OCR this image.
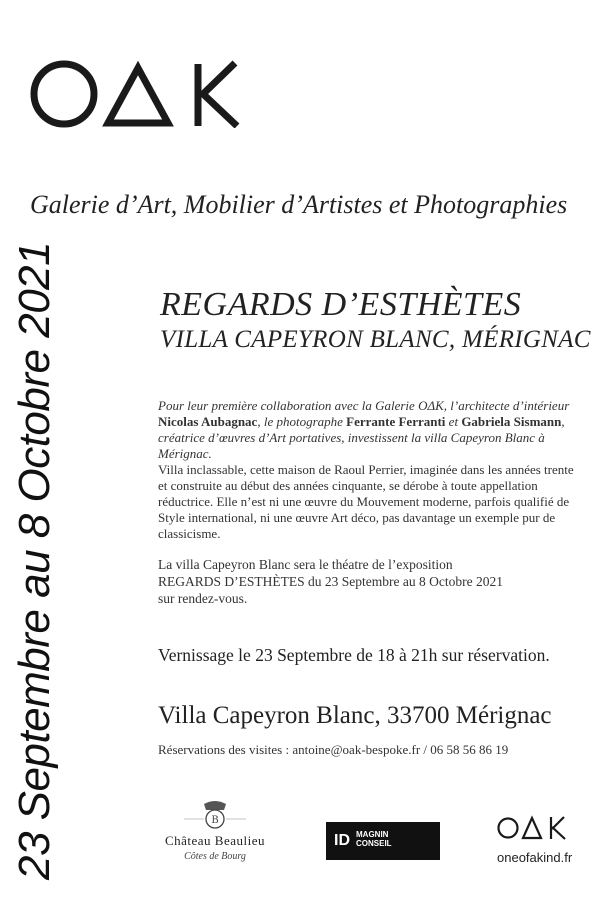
Galerie d’Art, Mobilier d’Artistes et Photographies
23 Septembre au 8 Octobre 2021	REGARDS D’ESTHÈTES
VILLA CAPEYRON BLANC, MÉRIGNAC
Pour leur première collaboration avec la Galerie OΔK, l’architecte d’intérieur Nicolas Aubagnac, le photographe Ferrante Ferranti et Gabriela Sismann, créatrice d’œuvres d’Art portatives, investissent la villa Capeyron Blanc à Mérignac.
Villa inclassable, cette maison de Raoul Perrier, imaginée dans les années trente et construite au début des années cinquante, se dérobe à toute appellation réductrice. Elle n’est ni une œuvre du Mouvement moderne, parfois qualifié de Style international, ni une œuvre Art déco, pas davantage un exemple pur de classicisme.
La villa Capeyron Blanc sera le théatre de l’exposition
REGARDS D’ESTHÈTES du 23 Septembre au 8 Octobre 2021
sur rendez-vous.
Vernissage le 23 Septembre de 18 à 21h sur réservation.
Villa Capeyron Blanc, 33700 Mérignac
Réservations des visites : antoine@oak-bespoke.fr / 06 58 56 86 19
B
Château Beaulieu
Côtes de Bourg
ID MAGNIN
CONSEIL
oneofakind.fr
